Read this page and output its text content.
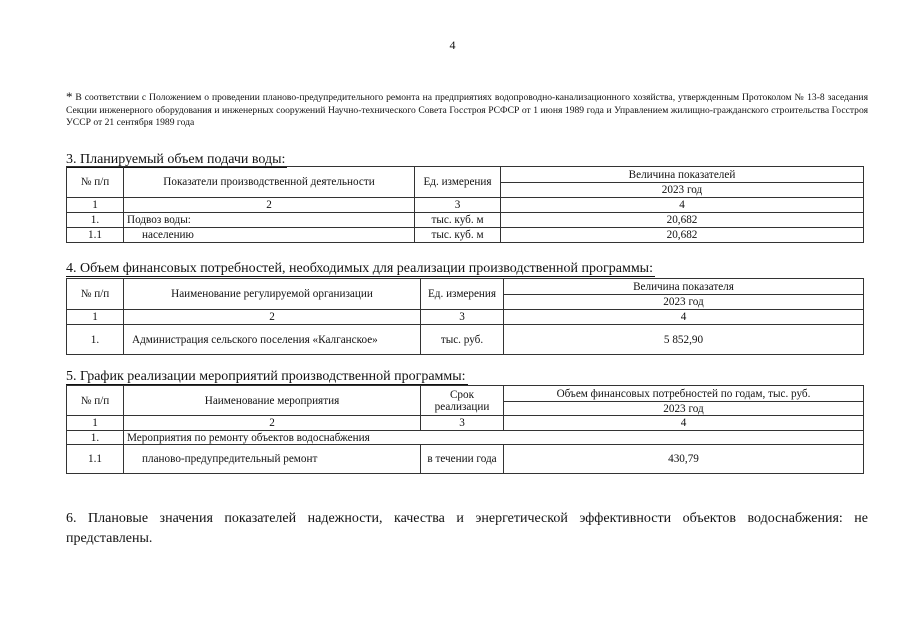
4
* В соответствии с Положением о проведении планово-предупредительного ремонта на предприятиях водопроводно-канализационного хозяйства, утвержденным Протоколом № 13-8 заседания Секции инженерного оборудования и инженерных сооружений Научно-технического Совета Госстроя РСФСР от 1 июня 1989 года и Управлением жилищно-гражданского строительства Госстроя УССР от 21 сентября 1989 года
3. Планируемый объем подачи воды:
№ п/п	Показатели производственной деятельности	Ед. измерения	Величина показателей
			2023 год
1	2	3	4
1.	Подвоз воды:	тыс. куб. м	20,682
1.1	населению	тыс. куб. м	20,682
4. Объем финансовых потребностей, необходимых для реализации производственной программы:
№ п/п	Наименование регулируемой организации	Ед. измерения	Величина показателя
			2023 год
1	2	3	4
1.	Администрация сельского поселения «Калганское»	тыс. руб.	5 852,90
5. График реализации мероприятий производственной программы:
№ п/п	Наименование мероприятия	Срок реализации	Объем финансовых потребностей по годам, тыс. руб.
			2023 год
1	2	3	4
1.	Мероприятия по ремонту объектов водоснабжения		
1.1	планово-предупредительный ремонт	в течении года	430,79
6. Плановые значения показателей надежности, качества и энергетической эффективности объектов водоснабжения: не представлены.
